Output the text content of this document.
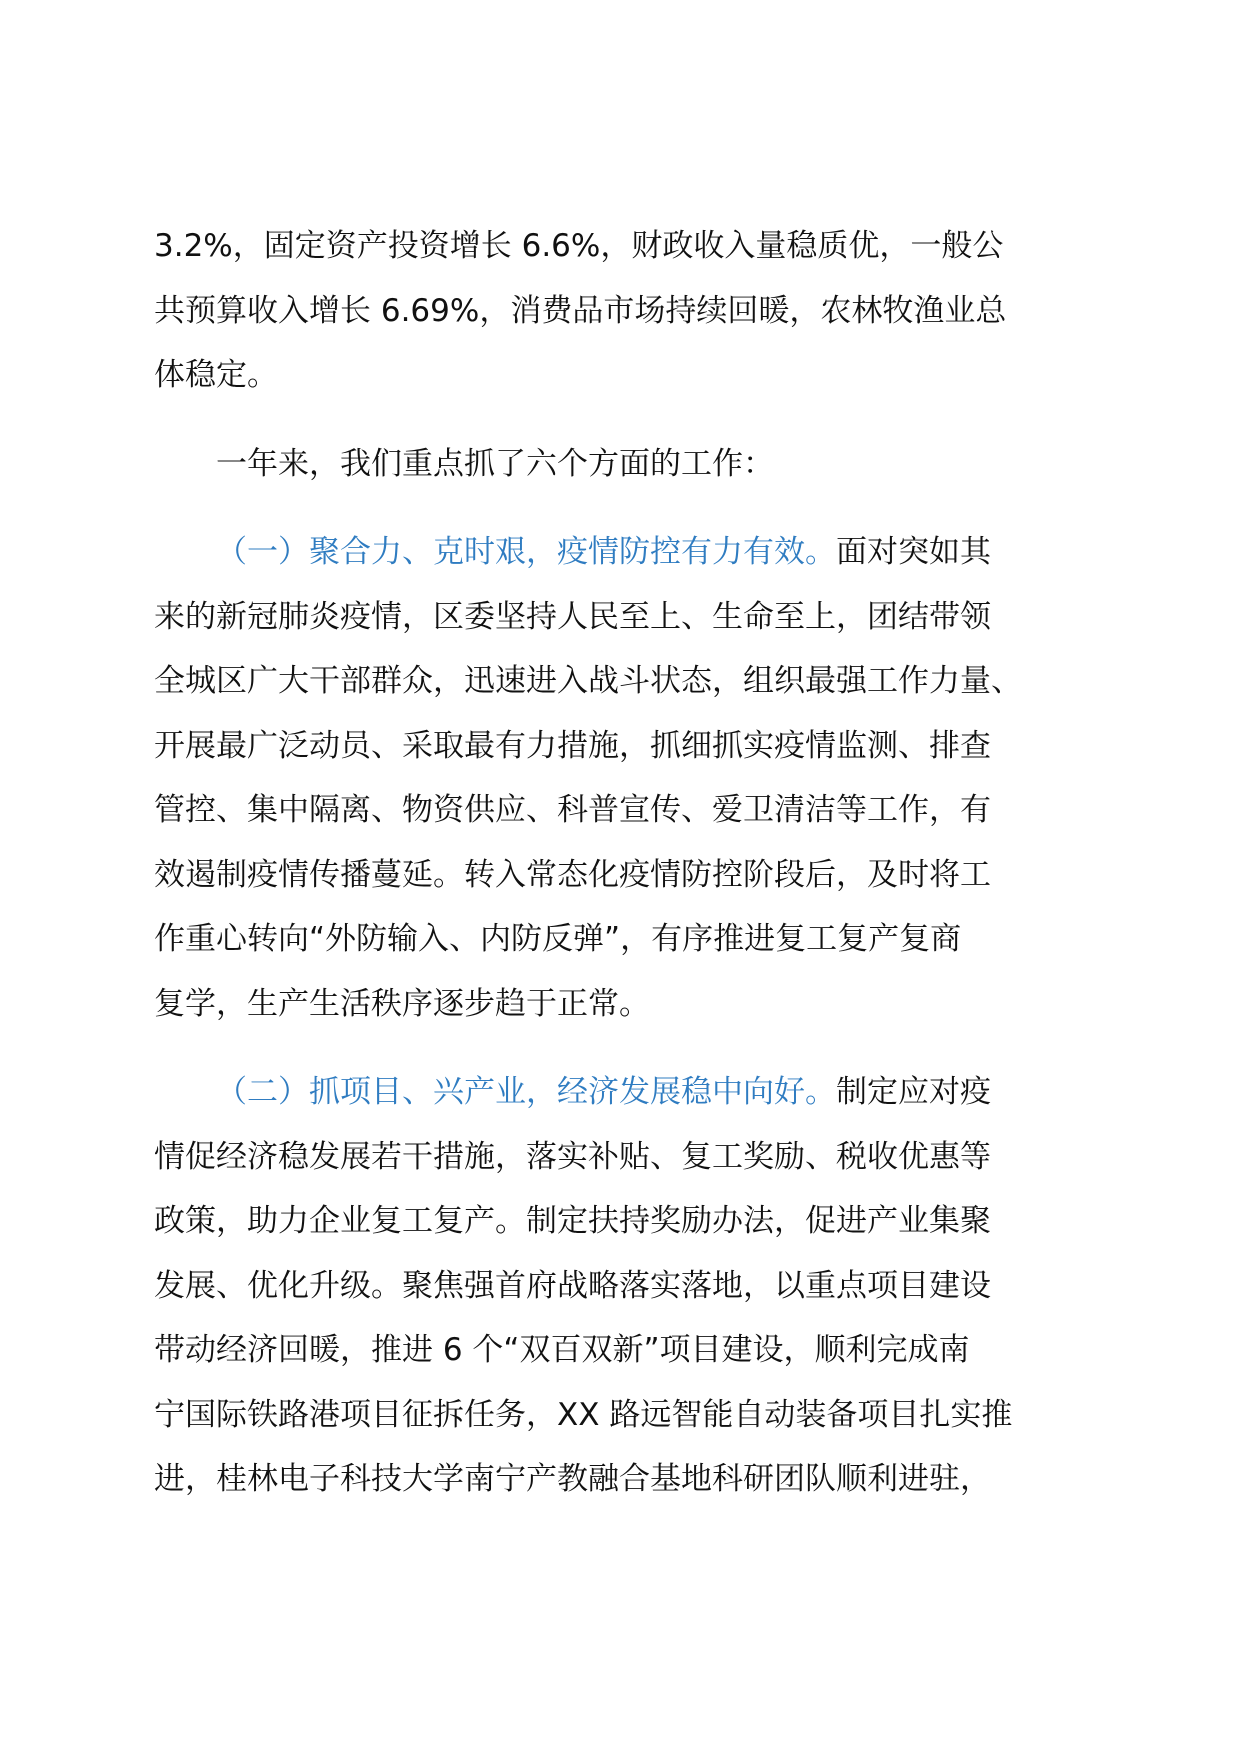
3.2%，固定资产投资增长 6.6%，财政收入量稳质优，一般公
共预算收入增长 6.69%，消费品市场持续回暖，农林牧渔业总
体稳定。
一年来，我们重点抓了六个方面的工作：
（一）聚合力、克时艰，疫情防控有力有效。面对突如其
来的新冠肺炎疫情，区委坚持人民至上、生命至上，团结带领
全城区广大干部群众，迅速进入战斗状态，组织最强工作力量、
开展最广泛动员、采取最有力措施，抓细抓实疫情监测、排查
管控、集中隔离、物资供应、科普宣传、爱卫清洁等工作，有
效遏制疫情传播蔓延。转入常态化疫情防控阶段后，及时将工
作重心转向“外防输入、内防反弹”，有序推进复工复产复商
复学，生产生活秩序逐步趋于正常。
（二）抓项目、兴产业，经济发展稳中向好。制定应对疫
情促经济稳发展若干措施，落实补贴、复工奖励、税收优惠等
政策，助力企业复工复产。制定扶持奖励办法，促进产业集聚
发展、优化升级。聚焦强首府战略落实落地，以重点项目建设
带动经济回暖，推进 6 个“双百双新”项目建设，顺利完成南
宁国际铁路港项目征拆任务，XX 路远智能自动装备项目扎实推
进，桂林电子科技大学南宁产教融合基地科研团队顺利进驻，
